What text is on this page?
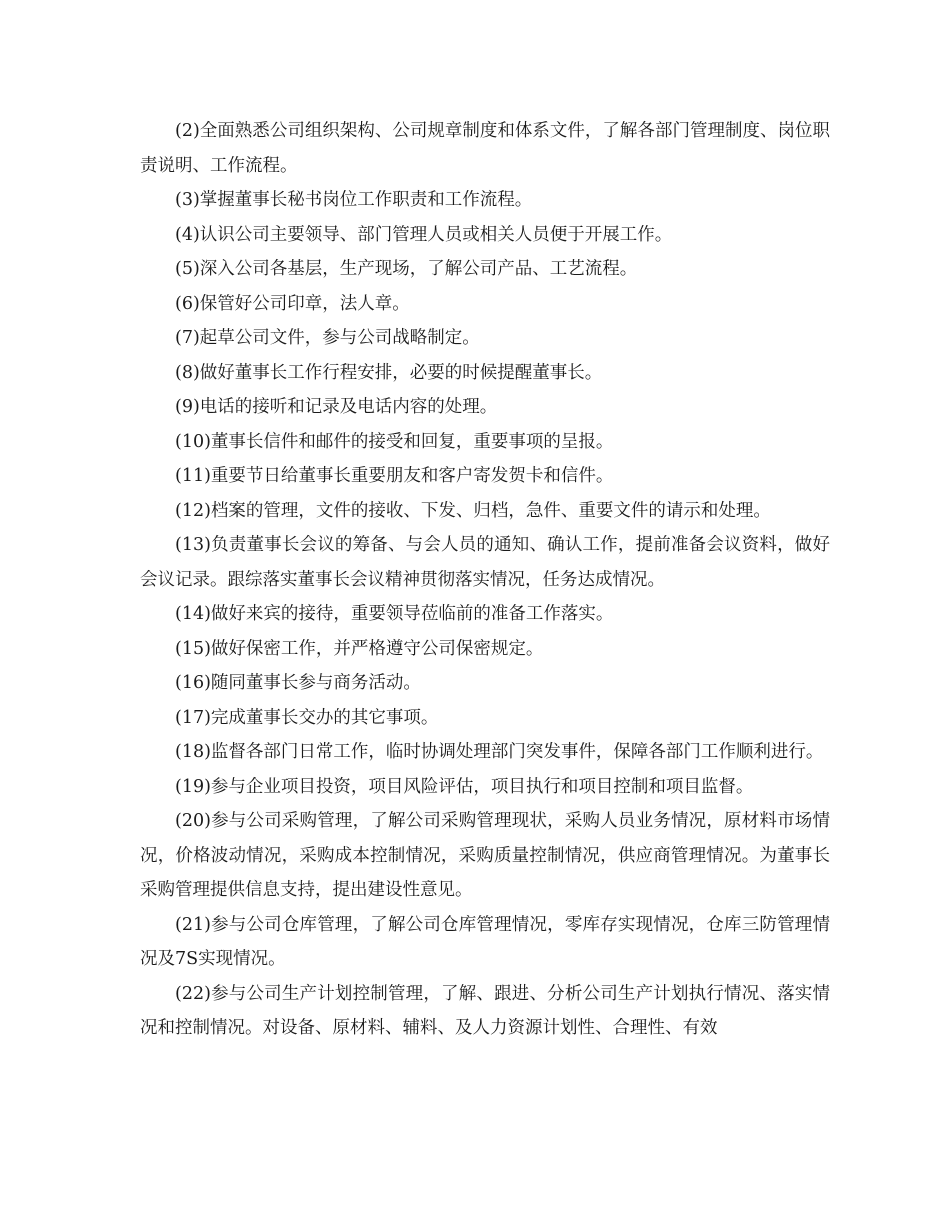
(2)全面熟悉公司组织架构、公司规章制度和体系文件，了解各部门管理制度、岗位职责说明、工作流程。

(3)掌握董事长秘书岗位工作职责和工作流程。

(4)认识公司主要领导、部门管理人员或相关人员便于开展工作。

(5)深入公司各基层，生产现场，了解公司产品、工艺流程。

(6)保管好公司印章，法人章。

(7)起草公司文件，参与公司战略制定。

(8)做好董事长工作行程安排，必要的时候提醒董事长。

(9)电话的接听和记录及电话内容的处理。

(10)董事长信件和邮件的接受和回复，重要事项的呈报。

(11)重要节日给董事长重要朋友和客户寄发贺卡和信件。

(12)档案的管理，文件的接收、下发、归档，急件、重要文件的请示和处理。

(13)负责董事长会议的筹备、与会人员的通知、确认工作，提前准备会议资料，做好会议记录。跟综落实董事长会议精神贯彻落实情况，任务达成情况。

(14)做好来宾的接待，重要领导莅临前的准备工作落实。

(15)做好保密工作，并严格遵守公司保密规定。

(16)随同董事长参与商务活动。

(17)完成董事长交办的其它事项。

(18)监督各部门日常工作，临时协调处理部门突发事件，保障各部门工作顺利进行。

(19)参与企业项目投资，项目风险评估，项目执行和项目控制和项目监督。

(20)参与公司采购管理，了解公司采购管理现状，采购人员业务情况，原材料市场情况，价格波动情况，采购成本控制情况，采购质量控制情况，供应商管理情况。为董事长采购管理提供信息支持，提出建设性意见。

(21)参与公司仓库管理，了解公司仓库管理情况，零库存实现情况，仓库三防管理情况及7S实现情况。

(22)参与公司生产计划控制管理，了解、跟进、分析公司生产计划执行情况、落实情况和控制情况。对设备、原材料、辅料、及人力资源计划性、合理性、有效
